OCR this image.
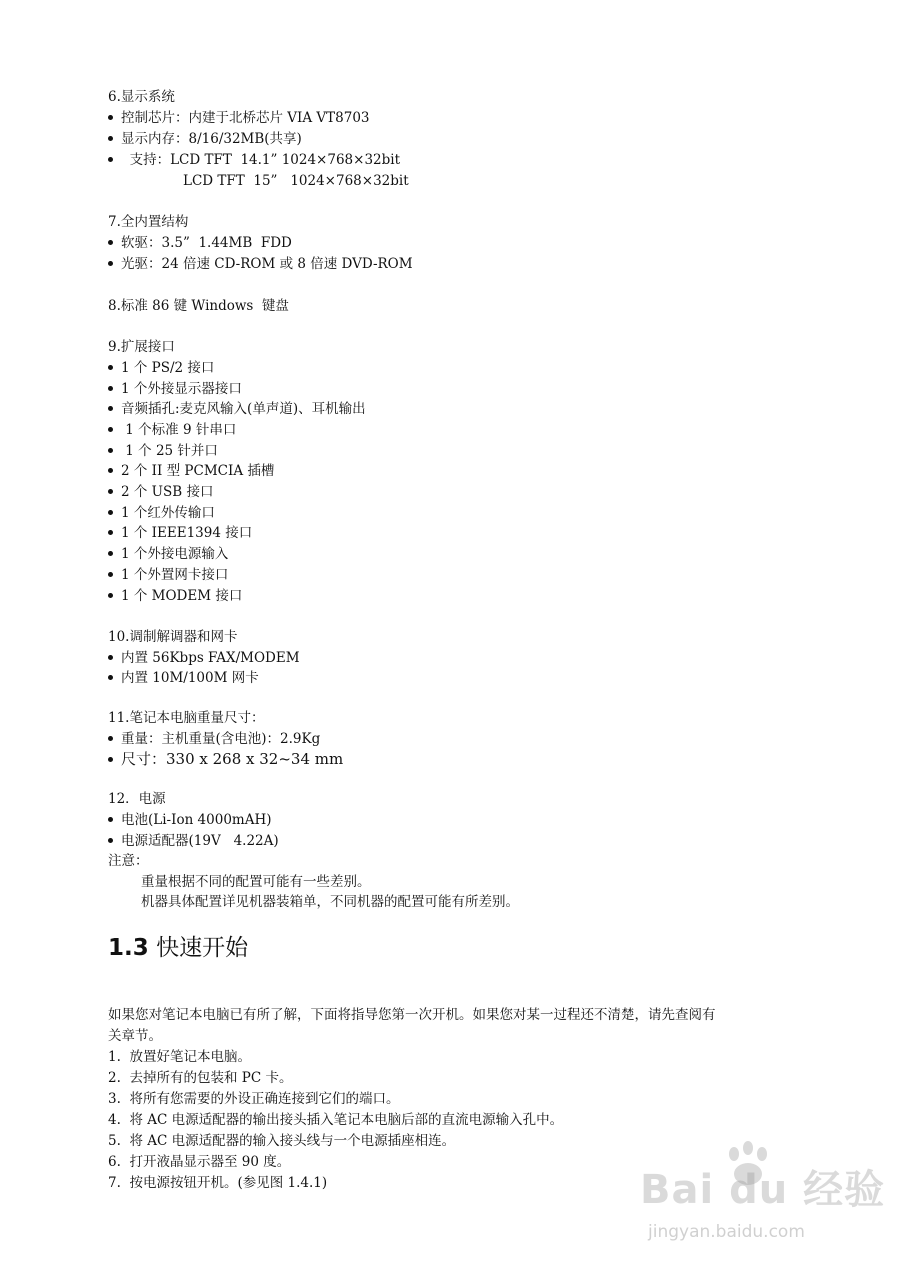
6.显示系统
控制芯片：内建于北桥芯片 VIA VT8703
显示内存：8/16/32MB(共享)
支持：LCD TFT  14.1” 1024×768×32bit
LCD TFT  15”   1024×768×32bit
7.全内置结构
软驱：3.5”  1.44MB  FDD
光驱：24 倍速 CD-ROM 或 8 倍速 DVD-ROM
8.标准 86 键 Windows  键盘
9.扩展接口
1 个 PS/2 接口
1 个外接显示器接口
音频插孔:麦克风输入(单声道)、耳机输出
1 个标准 9 针串口
1 个 25 针并口
2 个 II 型 PCMCIA 插槽
2 个 USB 接口
1 个红外传输口
1 个 IEEE1394 接口
1 个外接电源输入
1 个外置网卡接口
1 个 MODEM 接口
10.调制解调器和网卡
内置 56Kbps FAX/MODEM
内置 10M/100M 网卡
11.笔记本电脑重量尺寸：
重量：主机重量(含电池)：2.9Kg
尺寸：330 x 268 x 32~34 mm
12．电源
电池(Li-Ion 4000mAH)
电源适配器(19V   4.22A)
注意：
重量根据不同的配置可能有一些差别。
机器具体配置详见机器装箱单，不同机器的配置可能有所差别。
1.3 快速开始
如果您对笔记本电脑已有所了解，下面将指导您第一次开机。如果您对某一过程还不清楚，请先查阅有
关章节。
1.  放置好笔记本电脑。
2.  去掉所有的包装和 PC 卡。
3.  将所有您需要的外设正确连接到它们的端口。
4.  将 AC 电源适配器的输出接头插入笔记本电脑后部的直流电源输入孔中。
5.  将 AC 电源适配器的输入接头线与一个电源插座相连。
6.  打开液晶显示器至 90 度。
7.  按电源按钮开机。(参见图 1.4.1)	Bai du 经验
jingyan.baidu.com
